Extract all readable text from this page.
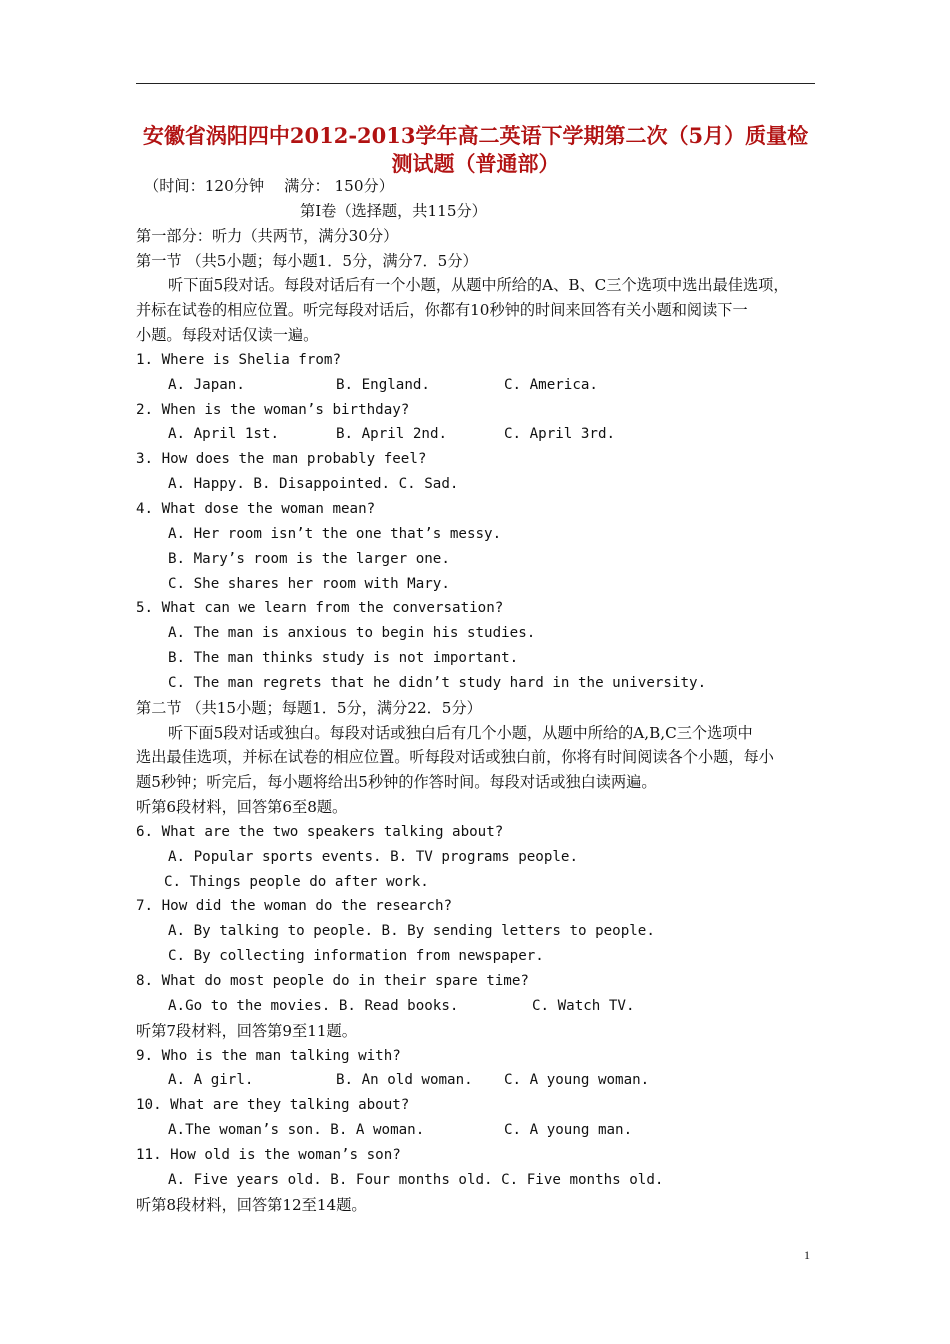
安徽省涡阳四中2012-2013学年高二英语下学期第二次（5月）质量检
测试题（普通部）
（时间：120分钟　 满分： 150分）
第Ⅰ卷（选择题，共115分）
第一部分：听力（共两节，满分30分）
第一节 （共5小题；每小题1．5分，满分7．5分）
听下面5段对话。每段对话后有一个小题，从题中所给的A、B、C三个选项中选出最佳选项，
并标在试卷的相应位置。听完每段对话后，你都有10秒钟的时间来回答有关小题和阅读下一
小题。每段对话仅读一遍。
1. Where is Shelia from?
A. Japan.	B. England.	C. America.
2. When is the woman’s birthday?
A. April 1st.	B. April 2nd.	C. April 3rd.
3. How does the man probably feel?
A. Happy. B. Disappointed. C. Sad.
4. What dose the woman mean?
A. Her room isn’t the one that’s messy.
B. Mary’s room is the larger one.
C. She shares her room with Mary.
5. What can we learn from the conversation?
A. The man is anxious to begin his studies.
B. The man thinks study is not important.
C. The man regrets that he didn’t study hard in the university.
第二节 （共15小题；每题1．5分，满分22．5分）
听下面5段对话或独白。每段对话或独白后有几个小题，从题中所给的A,B,C三个选项中
选出最佳选项，并标在试卷的相应位置。听每段对话或独白前，你将有时间阅读各个小题，每小
题5秒钟；听完后，每小题将给出5秒钟的作答时间。每段对话或独白读两遍。
听第6段材料，回答第6至8题。
6. What are the two speakers talking about?
A. Popular sports events. B. TV programs people.
C. Things people do after work.
7. How did the woman do the research?
A. By talking to people. B. By sending letters to people.
C. By collecting information from newspaper.
8. What do most people do in their spare time?
A.Go to the movies. B. Read books.	C. Watch TV.
听第7段材料，回答第9至11题。
9. Who is the man talking with?
A. A girl.	B. An old woman. C. A young woman.
10. What are they talking about?
A.The woman’s son. B. A woman.	C. A young man.
11. How old is the woman’s son?
A. Five years old. B. Four months old. C. Five months old.
听第8段材料，回答第12至14题。
1
